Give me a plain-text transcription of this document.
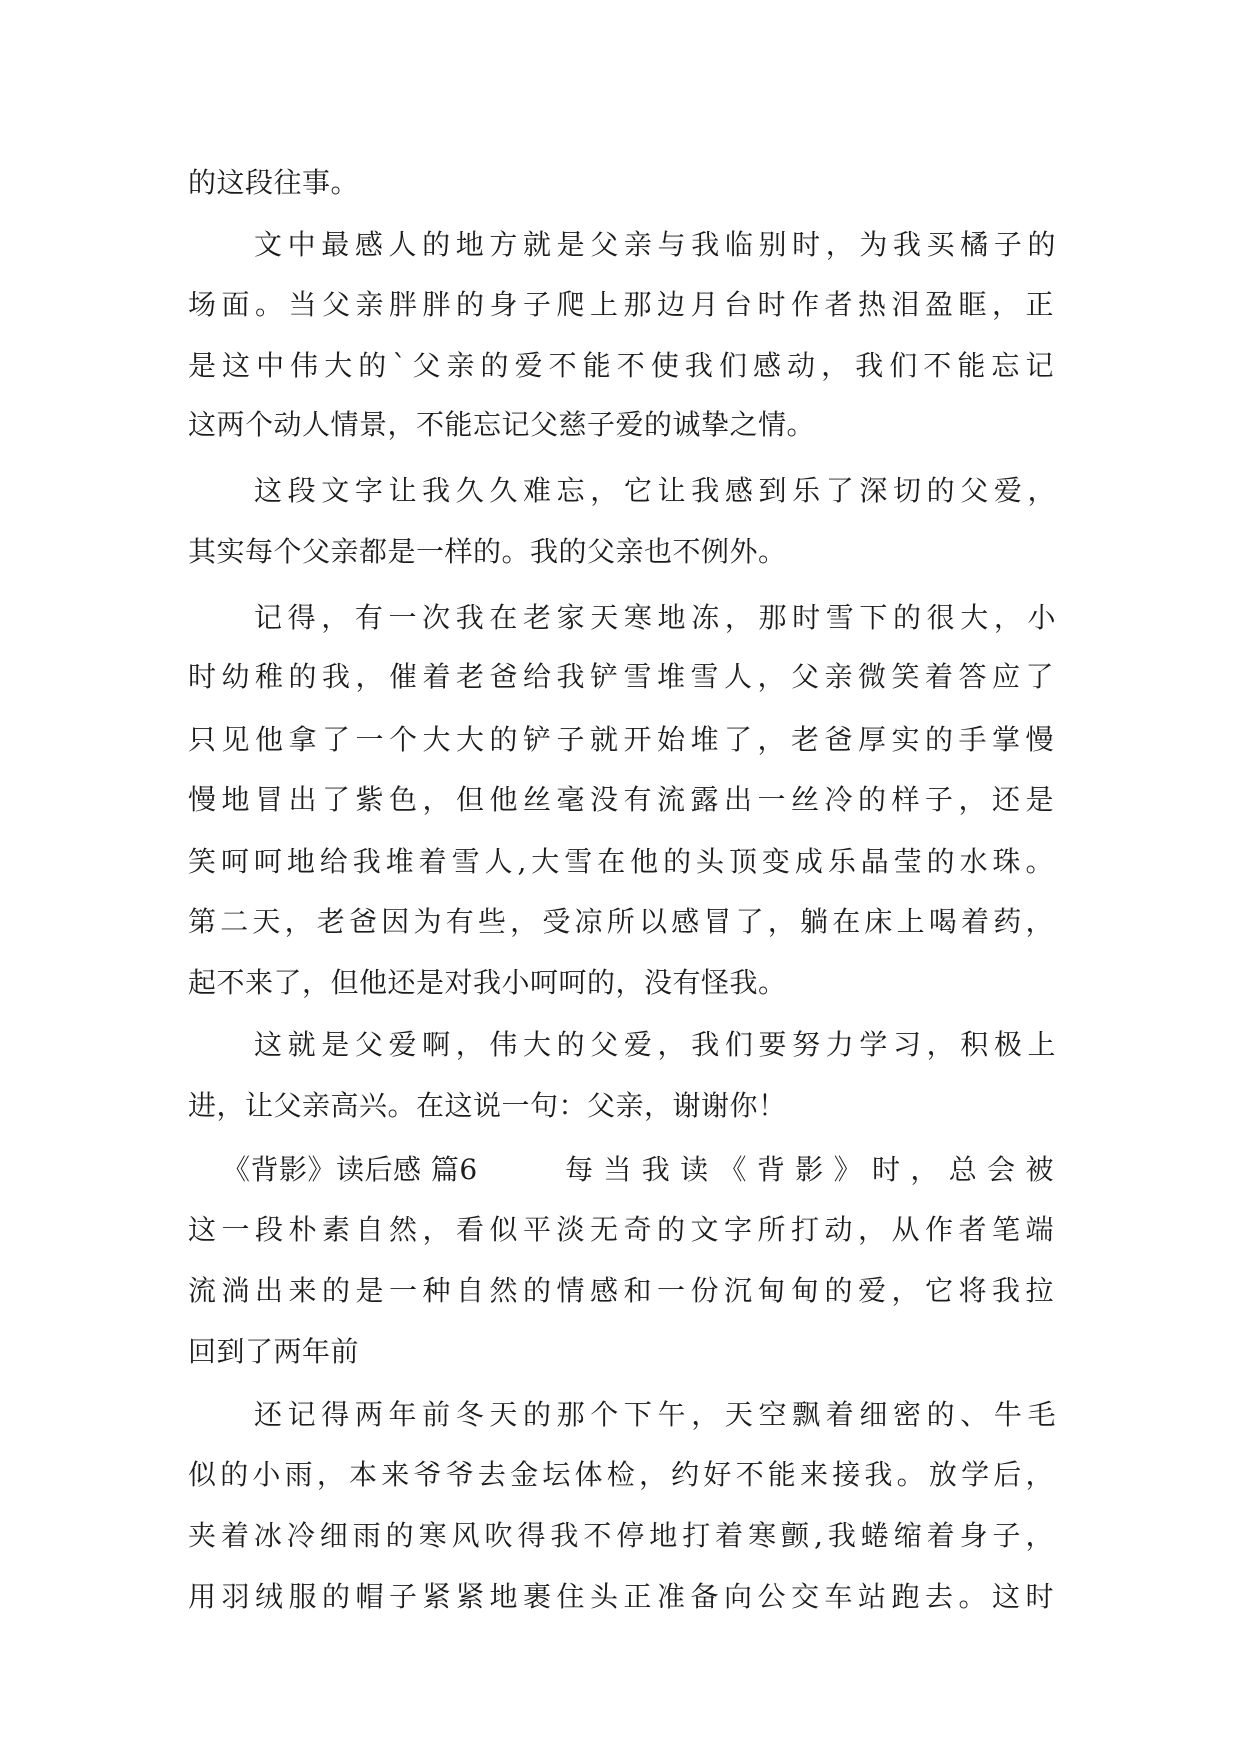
的这段往事。
文中最感人的地方就是父亲与我临别时，为我买橘子的
场面。当父亲胖胖的身子爬上那边月台时作者热泪盈眶，正
是这中伟大的`父亲的爱不能不使我们感动，我们不能忘记
这两个动人情景，不能忘记父慈子爱的诚挚之情。
这段文字让我久久难忘，它让我感到乐了深切的父爱，
其实每个父亲都是一样的。我的父亲也不例外。
记得，有一次我在老家天寒地冻，那时雪下的很大，小
时幼稚的我，催着老爸给我铲雪堆雪人，父亲微笑着答应了
只见他拿了一个大大的铲子就开始堆了，老爸厚实的手掌慢
慢地冒出了紫色，但他丝毫没有流露出一丝冷的样子，还是
笑呵呵地给我堆着雪人,大雪在他的头顶变成乐晶莹的水珠。
第二天，老爸因为有些，受凉所以感冒了，躺在床上喝着药，
起不来了，但他还是对我小呵呵的，没有怪我。
这就是父爱啊，伟大的父爱，我们要努力学习，积极上
进，让父亲高兴。在这说一句：父亲，谢谢你！
《背影》读后感 篇6	每当我读《背影》时，总会被
这一段朴素自然，看似平淡无奇的文字所打动，从作者笔端
流淌出来的是一种自然的情感和一份沉甸甸的爱，它将我拉
回到了两年前
还记得两年前冬天的那个下午，天空飘着细密的、牛毛
似的小雨，本来爷爷去金坛体检，约好不能来接我。放学后，
夹着冰冷细雨的寒风吹得我不停地打着寒颤,我蜷缩着身子，
用羽绒服的帽子紧紧地裹住头正准备向公交车站跑去。这时
